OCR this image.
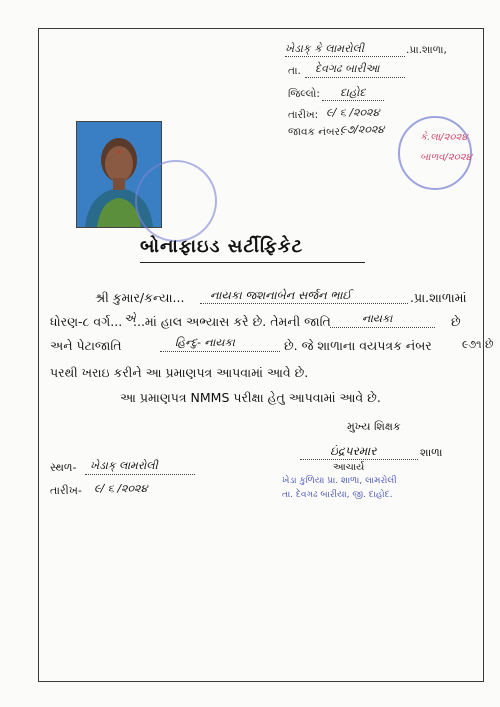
ખેડાક્ કે લામરોલી	.પ્રા.શાળા,
તા. દેવગઢ બારીઆ
જિલ્લો: દાહોદ
તારીખ: ૯/ ૬ /૨૦૨૪
જાવક નંબર:
૯૭/૨૦૨૪
કે.લા/૨૦૨૪
બાળવ/૨૦૨૪
બોનાફાઇડ સર્ટીફિકેટ
શ્રી કુમાર/કન્યા... નાયકા જશનાબેન સર્જન ભાઈ	.પ્રા.શાળામાં
ધોરણ-૮ વર્ગ... એ
...માં હાલ અભ્યાસ કરે છે. તેમની જાતિ	નાયકા	છે
અને પેટાજાતિ	હિન્દુ- નાયકા	છે. જે શાળાના વયપત્રક નંબર	૯૭૧ છે
પરથી ખરાઇ કરીને આ પ્રમાણપત્ર આપવામાં આવે છે.
આ પ્રમાણપત્ર NMMS પરીક્ષા હેતુ આપવામાં આવે છે.
મુખ્ય શિક્ષક
ઇંદ્રપરમાર	શાળા
આચાર્ય
સ્થળ- ખેડાક્ લામરોલી
તારીખ- ૯/ ૬ /૨૦૨૪
ખેડા કુળિયા પ્રા. શાળા, લામરોલી
તા. દેવગઢ બારીયા, જી. દાહોદ.
